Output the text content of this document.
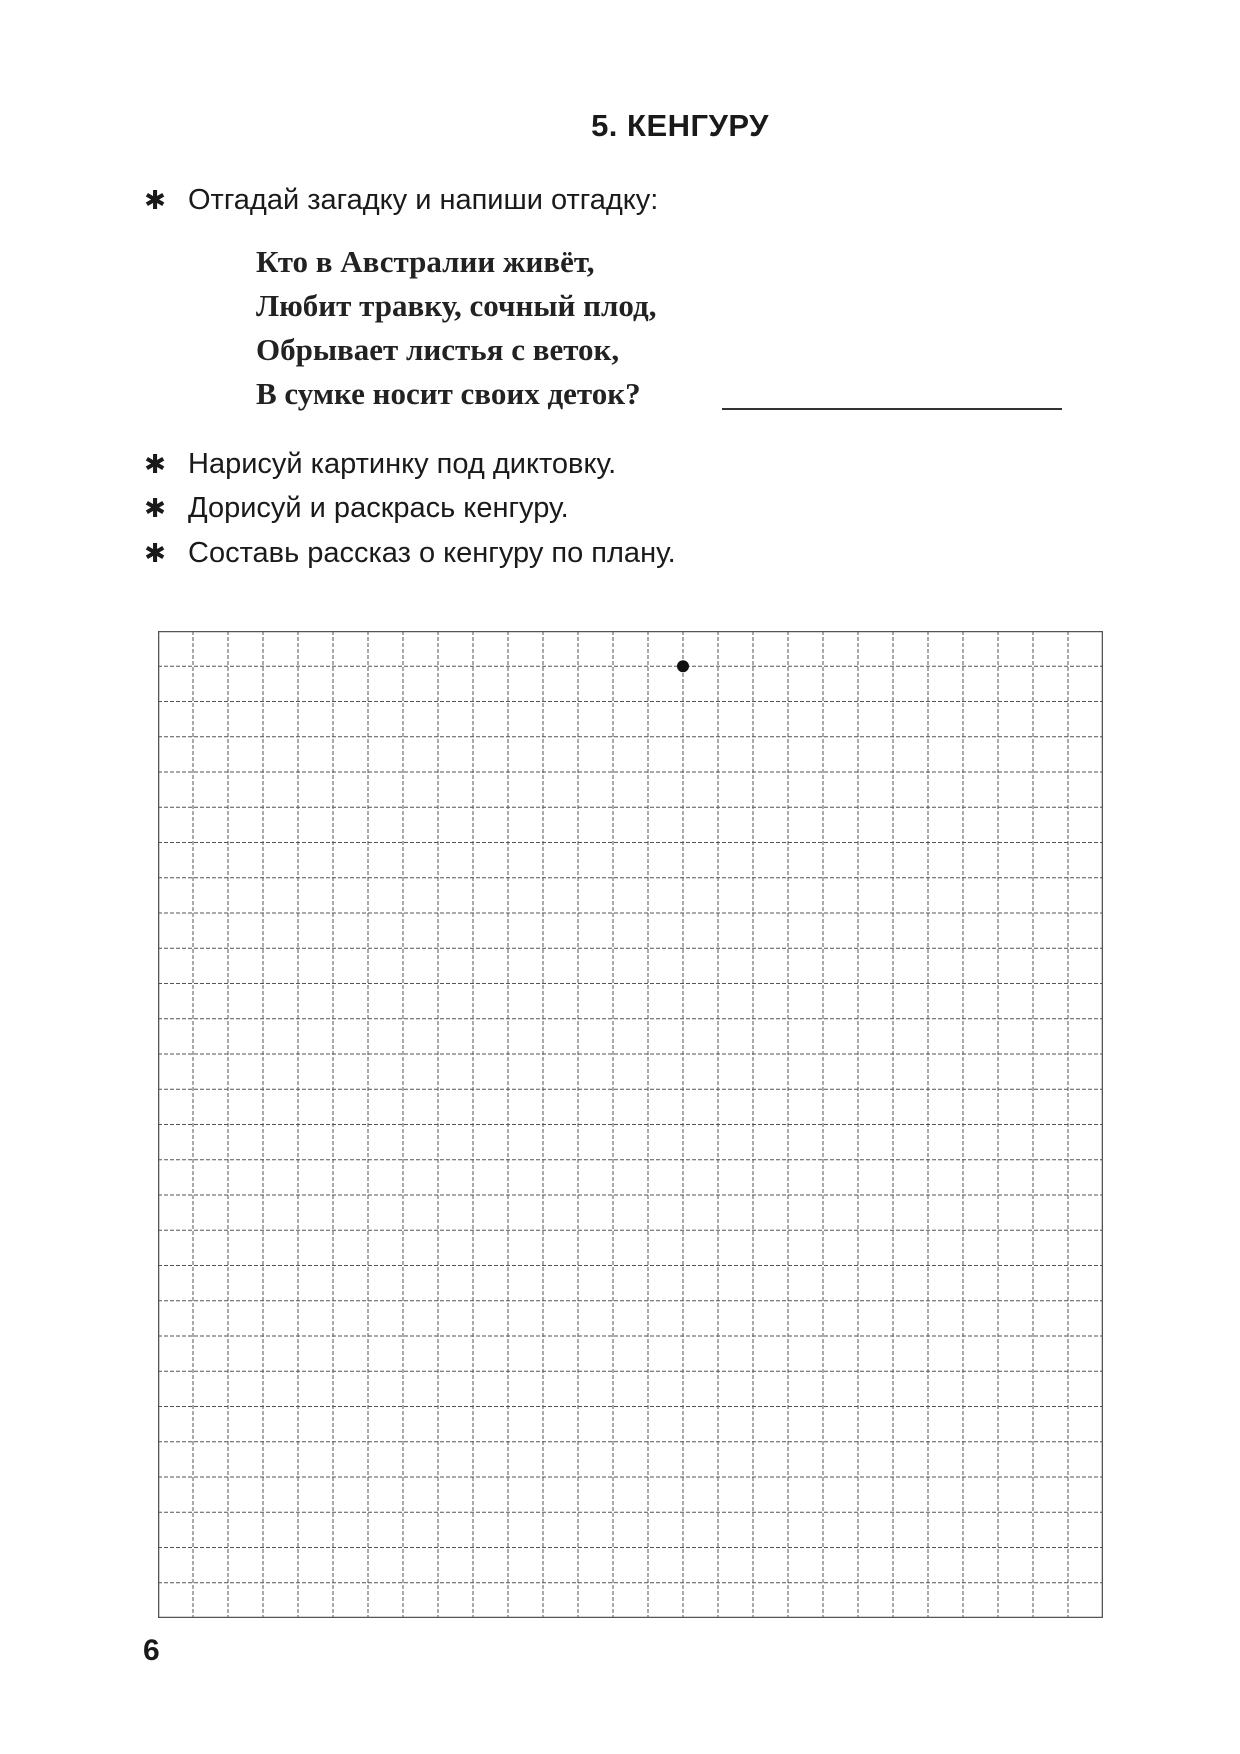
5. КЕНГУРУ
✱ Отгадай загадку и напиши отгадку:
Кто в Австралии живёт,
Любит травку, сочный плод,
Обрывает листья с веток,
В сумке носит своих деток?
✱ Нарисуй картинку под диктовку.
✱ Дорисуй и раскрась кенгуру.
✱ Составь рассказ о кенгуру по плану.
6
